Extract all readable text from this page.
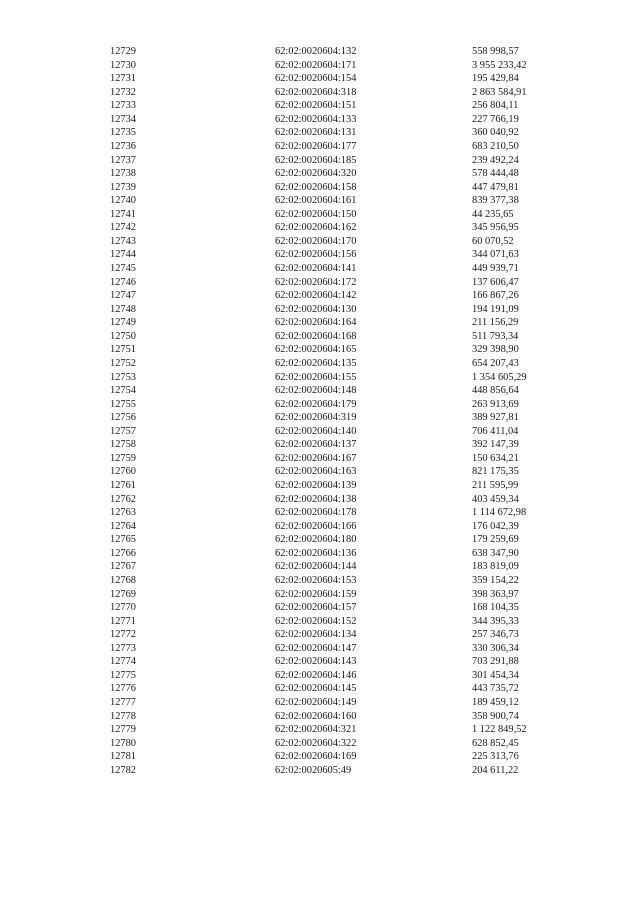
12729	62:02:0020604:132	558 998,57
12730	62:02:0020604:171	3 955 233,42
12731	62:02:0020604:154	195 429,84
12732	62:02:0020604:318	2 863 584,91
12733	62:02:0020604:151	256 804,11
12734	62:02:0020604:133	227 766,19
12735	62:02:0020604:131	360 040,92
12736	62:02:0020604:177	683 210,50
12737	62:02:0020604:185	239 492,24
12738	62:02:0020604:320	578 444,48
12739	62:02:0020604:158	447 479,81
12740	62:02:0020604:161	839 377,38
12741	62:02:0020604:150	44 235,65
12742	62:02:0020604:162	345 956,95
12743	62:02:0020604:170	60 070,52
12744	62:02:0020604:156	344 071,63
12745	62:02:0020604:141	449 939,71
12746	62:02:0020604:172	137 606,47
12747	62:02:0020604:142	166 867,26
12748	62:02:0020604:130	194 191,09
12749	62:02:0020604:164	211 156,29
12750	62:02:0020604:168	511 793,34
12751	62:02:0020604:165	329 398,90
12752	62:02:0020604:135	654 207,43
12753	62:02:0020604:155	1 354 605,29
12754	62:02:0020604:148	448 856,64
12755	62:02:0020604:179	263 913,69
12756	62:02:0020604:319	389 927,81
12757	62:02:0020604:140	706 411,04
12758	62:02:0020604:137	392 147,39
12759	62:02:0020604:167	150 634,21
12760	62:02:0020604:163	821 175,35
12761	62:02:0020604:139	211 595,99
12762	62:02:0020604:138	403 459,34
12763	62:02:0020604:178	1 114 672,98
12764	62:02:0020604:166	176 042,39
12765	62:02:0020604:180	179 259,69
12766	62:02:0020604:136	638 347,90
12767	62:02:0020604:144	183 819,09
12768	62:02:0020604:153	359 154,22
12769	62:02:0020604:159	398 363,97
12770	62:02:0020604:157	168 104,35
12771	62:02:0020604:152	344 395,33
12772	62:02:0020604:134	257 346,73
12773	62:02:0020604:147	330 306,34
12774	62:02:0020604:143	703 291,88
12775	62:02:0020604:146	301 454,34
12776	62:02:0020604:145	443 735,72
12777	62:02:0020604:149	189 459,12
12778	62:02:0020604:160	358 900,74
12779	62:02:0020604:321	1 122 849,52
12780	62:02:0020604:322	628 852,45
12781	62:02:0020604:169	225 313,76
12782	62:02:0020605:49	204 611,22
